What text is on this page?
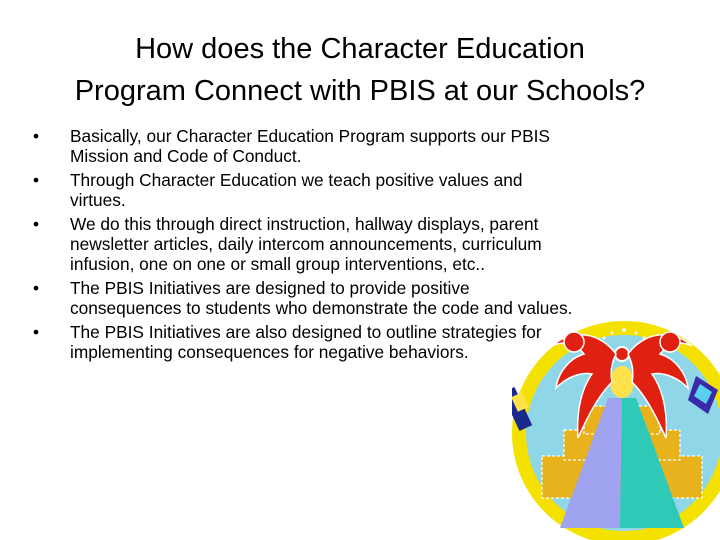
How does the Character Education
Program Connect with PBIS at our Schools?
• Basically, our Character Education Program supports our PBIS Mission and Code of Conduct.
• Through Character Education we teach positive values and virtues.
• We do this through direct instruction, hallway displays, parent newsletter articles, daily intercom announcements, curriculum infusion, one on one or small group interventions, etc..
• The PBIS Initiatives are designed to provide positive consequences to students who demonstrate the code and values.
• The PBIS Initiatives are also designed to outline strategies for implementing consequences for negative behaviors.
